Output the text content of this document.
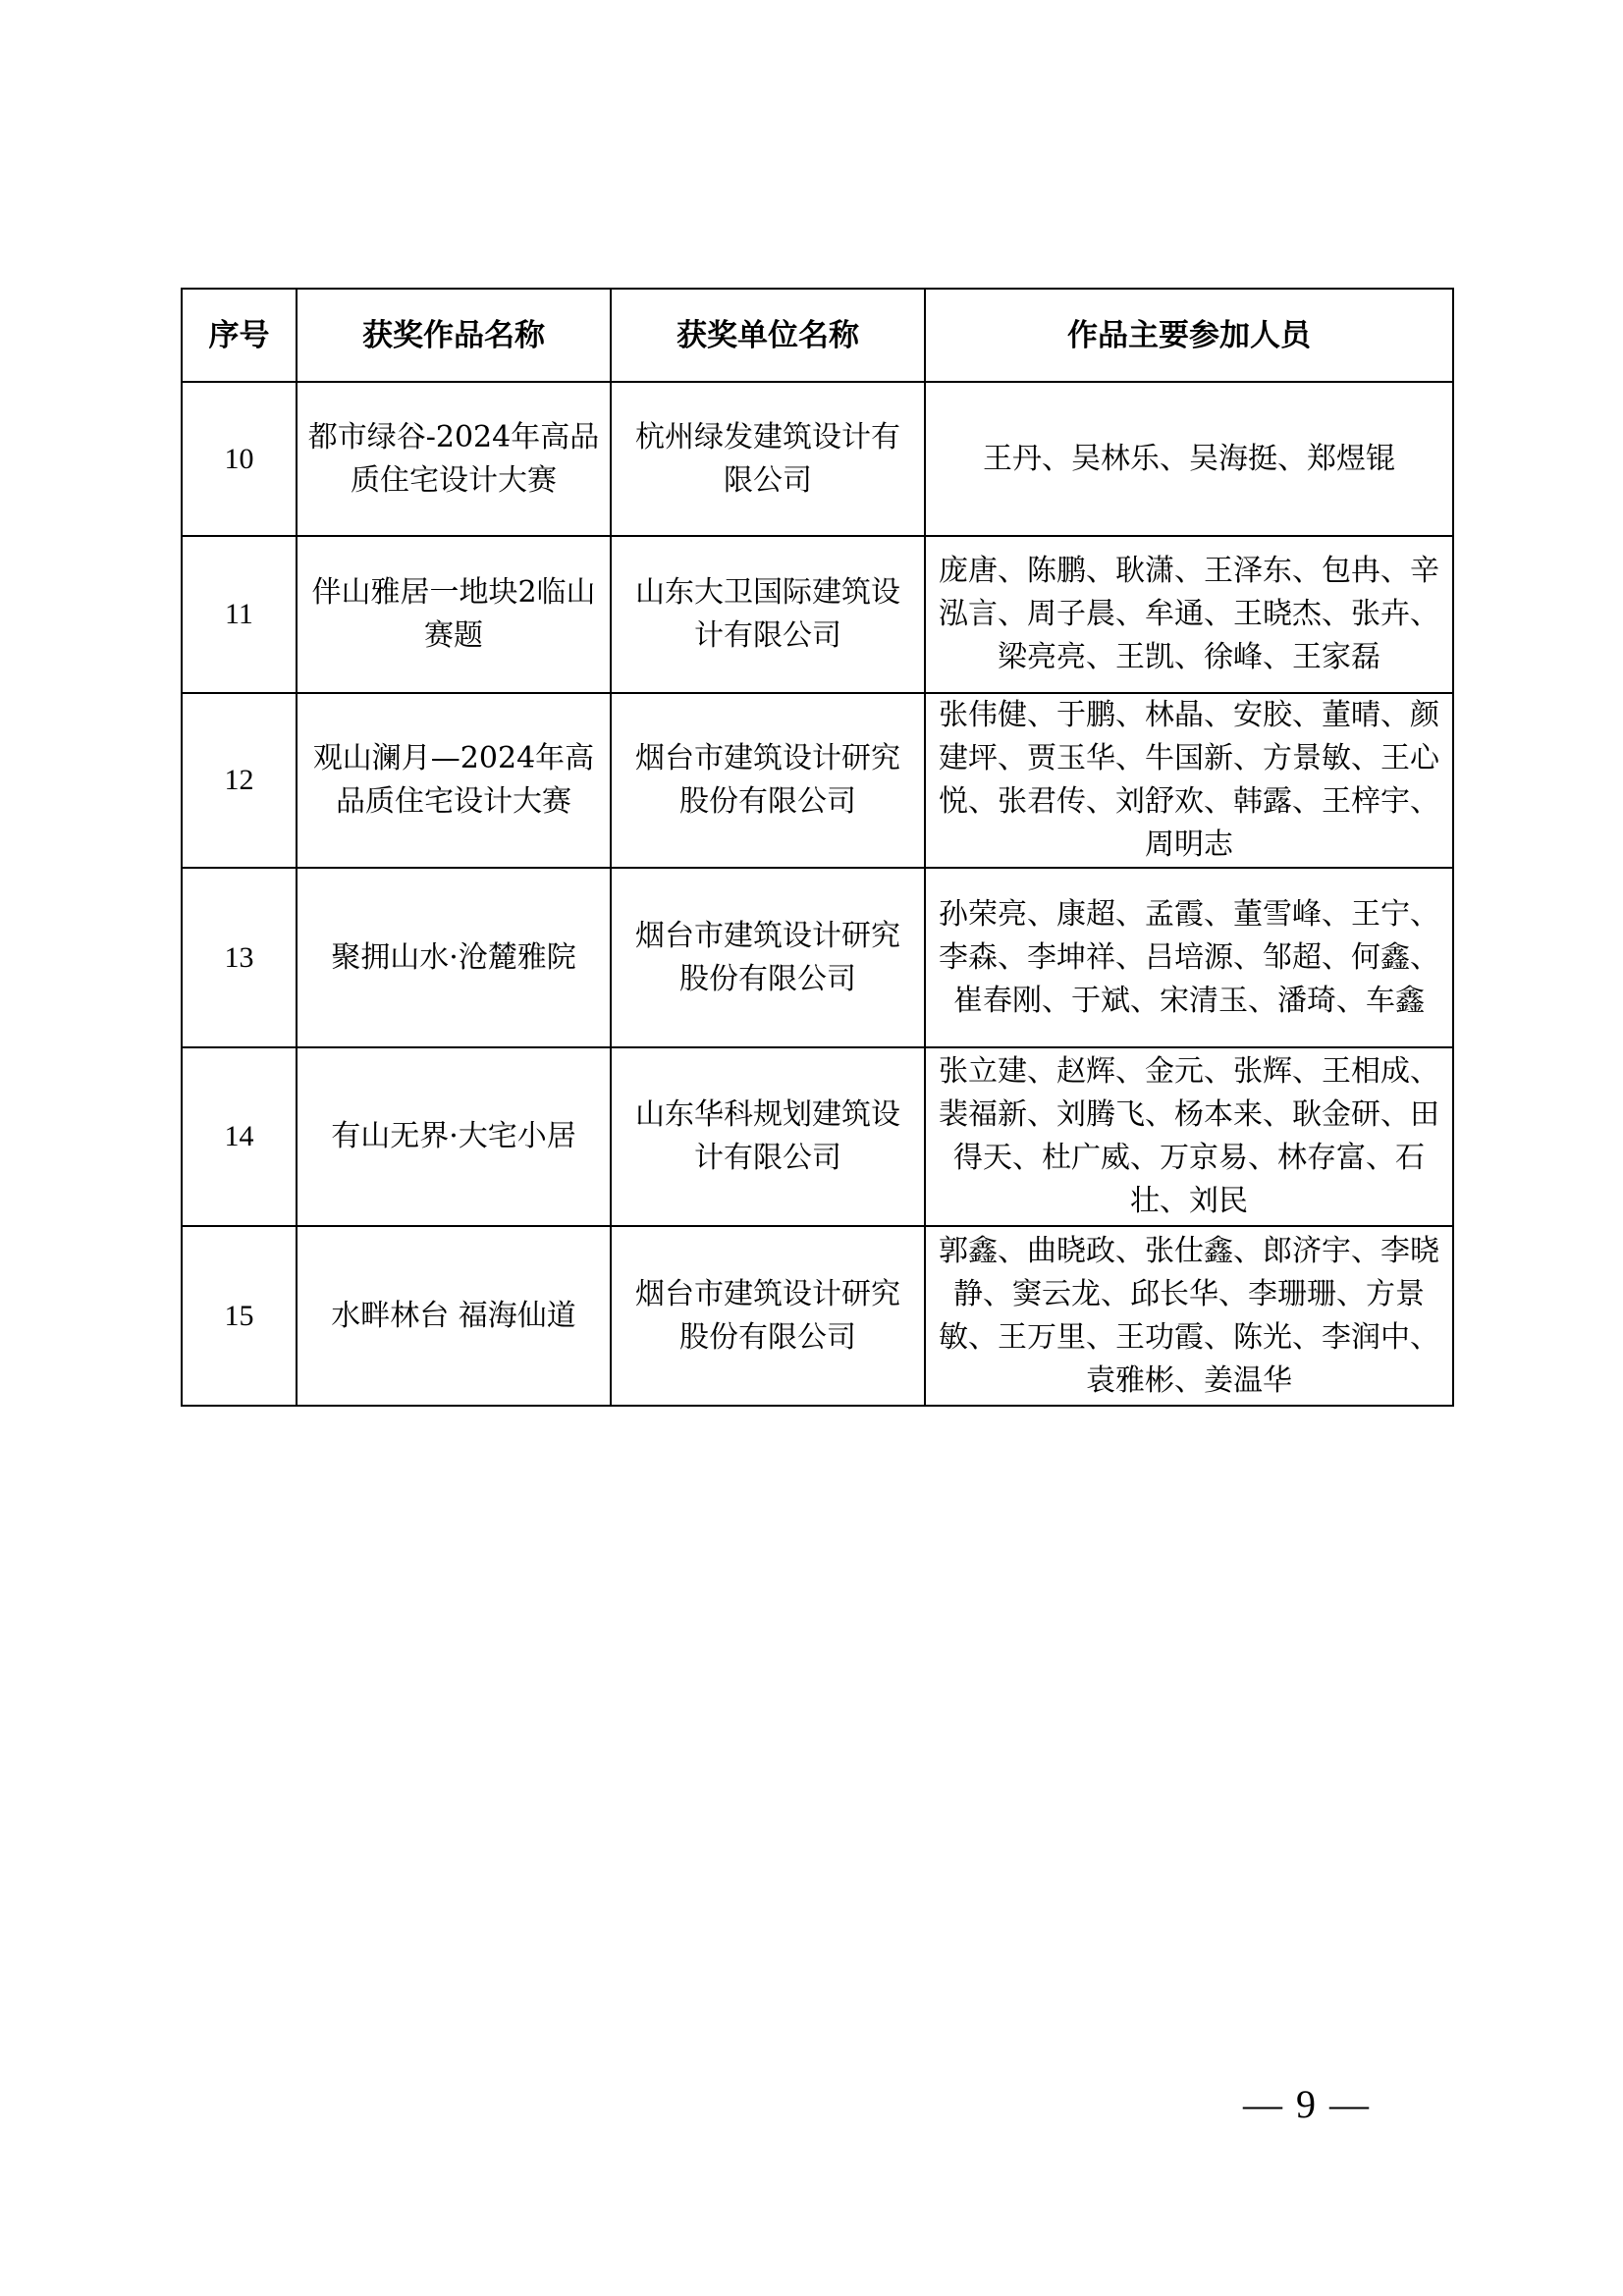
序号	获奖作品名称	获奖单位名称	作品主要参加人员
10	都市绿谷-2024年高品质住宅设计大赛	杭州绿发建筑设计有限公司	王丹、吴林乐、吴海挺、郑煜锟
11	伴山雅居一地块2临山赛题	山东大卫国际建筑设计有限公司	庞唐、陈鹏、耿潇、王泽东、包冉、辛泓言、周子晨、牟通、王晓杰、张卉、梁亮亮、王凯、徐峰、王家磊
12	观山澜月—2024年高品质住宅设计大赛	烟台市建筑设计研究股份有限公司	张伟健、于鹏、林晶、安胶、董晴、颜建坪、贾玉华、牛国新、方景敏、王心悦、张君传、刘舒欢、韩露、王梓宇、周明志
13	聚拥山水·沧麓雅院	烟台市建筑设计研究股份有限公司	孙荣亮、康超、孟霞、董雪峰、王宁、李森、李坤祥、吕培源、邹超、何鑫、崔春刚、于斌、宋清玉、潘琦、车鑫
14	有山无界·大宅小居	山东华科规划建筑设计有限公司	张立建、赵辉、金元、张辉、王相成、裴福新、刘腾飞、杨本来、耿金研、田得天、杜广威、万京易、林存富、石壮、刘民
15	水畔林台 福海仙道	烟台市建筑设计研究股份有限公司	郭鑫、曲晓政、张仕鑫、郎济宇、李晓静、窦云龙、邱长华、李珊珊、方景敏、王万里、王功霞、陈光、李润中、袁雅彬、姜温华
— 9 —
